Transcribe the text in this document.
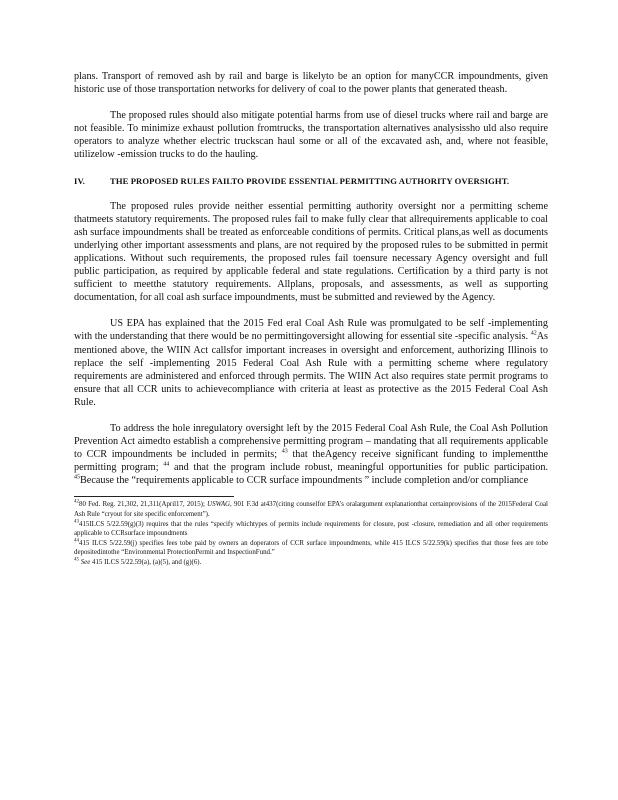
plans. Transport of removed ash by rail and barge is likelyto be an option for manyCCR impoundments, given historic use of those transportation networks for delivery of coal to the power plants that generated theash.

The proposed rules should also mitigate potential harms from use of diesel trucks where rail and barge are not feasible. To minimize exhaust pollution fromtrucks, the transportation alternatives analysissho uld also require operators to analyze whether electric truckscan haul some or all of the excavated ash, and, where not feasible, utilizelow -emission trucks to do the hauling.

IV.	THE PROPOSED RULES FAILTO PROVIDE ESSENTIAL PERMITTING AUTHORITY OVERSIGHT.

The proposed rules provide neither essential permitting authority oversight nor a permitting scheme thatmeets statutory requirements. The proposed rules fail to make fully clear that allrequirements applicable to coal ash surface impoundments shall be treated as enforceable conditions of permits. Critical plans,as well as documents underlying other important assessments and plans, are not required by the proposed rules to be submitted in permit applications. Without such requirements, the proposed rules fail toensure necessary Agency oversight and full public participation, as required by applicable federal and state regulations. Certification by a third party is not sufficient to meetthe statutory requirements. Allplans, proposals, and assessments, as well as supporting documentation, for all coal ash surface impoundments, must be submitted and reviewed by the Agency.

US EPA has explained that the 2015 Fed eral Coal Ash Rule was promulgated to be self -implementing with the understanding that there would be no permittingoversight allowing for essential site -specific analysis. $^{42}$As mentioned above, the WIIN Act callsfor important increases in oversight and enforcement, authorizing Illinois to replace the self -implementing 2015 Federal Coal Ash Rule with a permitting scheme where regulatory requirements are administered and enforced through permits. The WIIN Act also requires state permit programs to ensure that all CCR units to achievecompliance with criteria at least as protective as the 2015 Federal Coal Ash Rule.

To address the hole inregulatory oversight left by the 2015 Federal Coal Ash Rule, the Coal Ash Pollution Prevention Act aimedto establish a comprehensive permitting program – mandating that all requirements applicable to CCR impoundments be included in permits; $^{43}$ that theAgency receive significant funding to implementthe permitting program; $^{44}$ and that the program include robust, meaningful opportunities for public participation. $^{45}$Because the “requirements applicable to CCR surface impoundments ” include completion and/or compliance

$^{42}$80 Fed. Reg. 21,302, 21,311(April17, 2015); USWAG, 901 F.3d at437(citing counselfor EPA's oralargument explanationthat certainprovisions of the 2015Federal Coal Ash Rule “cryout for site specific enforcement”).

$^{43}$415ILCS 5/22.59(g)(3) requires that the rules “specify whichtypes of permits include requirements for closure, post -closure, remediation and all other requirements applicable to CCRsurface impoundments

$^{44}$415 ILCS 5/22.59(j) specifies fees tobe paid by owners an doperators of CCR surface impoundments, while 415 ILCS 5/22.59(k) specifies that those fees are tobe depositedintothe “Environmental ProtectionPermit and InspectionFund.”

$^{45}$ See 415 ILCS 5/22.59(a), (a)(5), and (g)(6).
